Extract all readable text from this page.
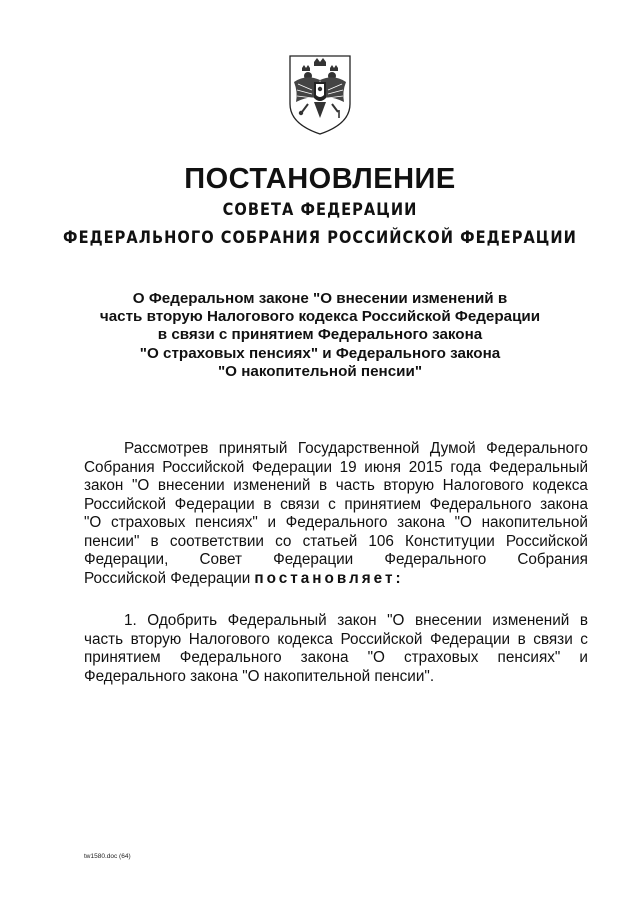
ПОСТАНОВЛЕНИЕ
СОВЕТА ФЕДЕРАЦИИ
ФЕДЕРАЛЬНОГО СОБРАНИЯ РОССИЙСКОЙ ФЕДЕРАЦИИ
О Федеральном законе "О внесении изменений в
часть вторую Налогового кодекса Российской Федерации
в связи с принятием Федерального закона
"О страховых пенсиях" и Федерального закона
"О накопительной пенсии"
Рассмотрев принятый Государственной Думой Федерального
Собрания Российской Федерации 19 июня 2015 года Федеральный
закон "О внесении изменений в часть вторую Налогового кодекса
Российской Федерации в связи с принятием Федерального закона
"О страховых пенсиях" и Федерального закона "О накопительной
пенсии" в соответствии со статьей 106 Конституции Российской
Федерации, Совет Федерации Федерального Собрания
Российской Федерации постановляет:
1. Одобрить Федеральный закон "О внесении изменений в
часть вторую Налогового кодекса Российской Федерации в связи с
принятием Федерального закона "О страховых пенсиях" и
Федерального закона "О накопительной пенсии".
tw1580.doc (64)
